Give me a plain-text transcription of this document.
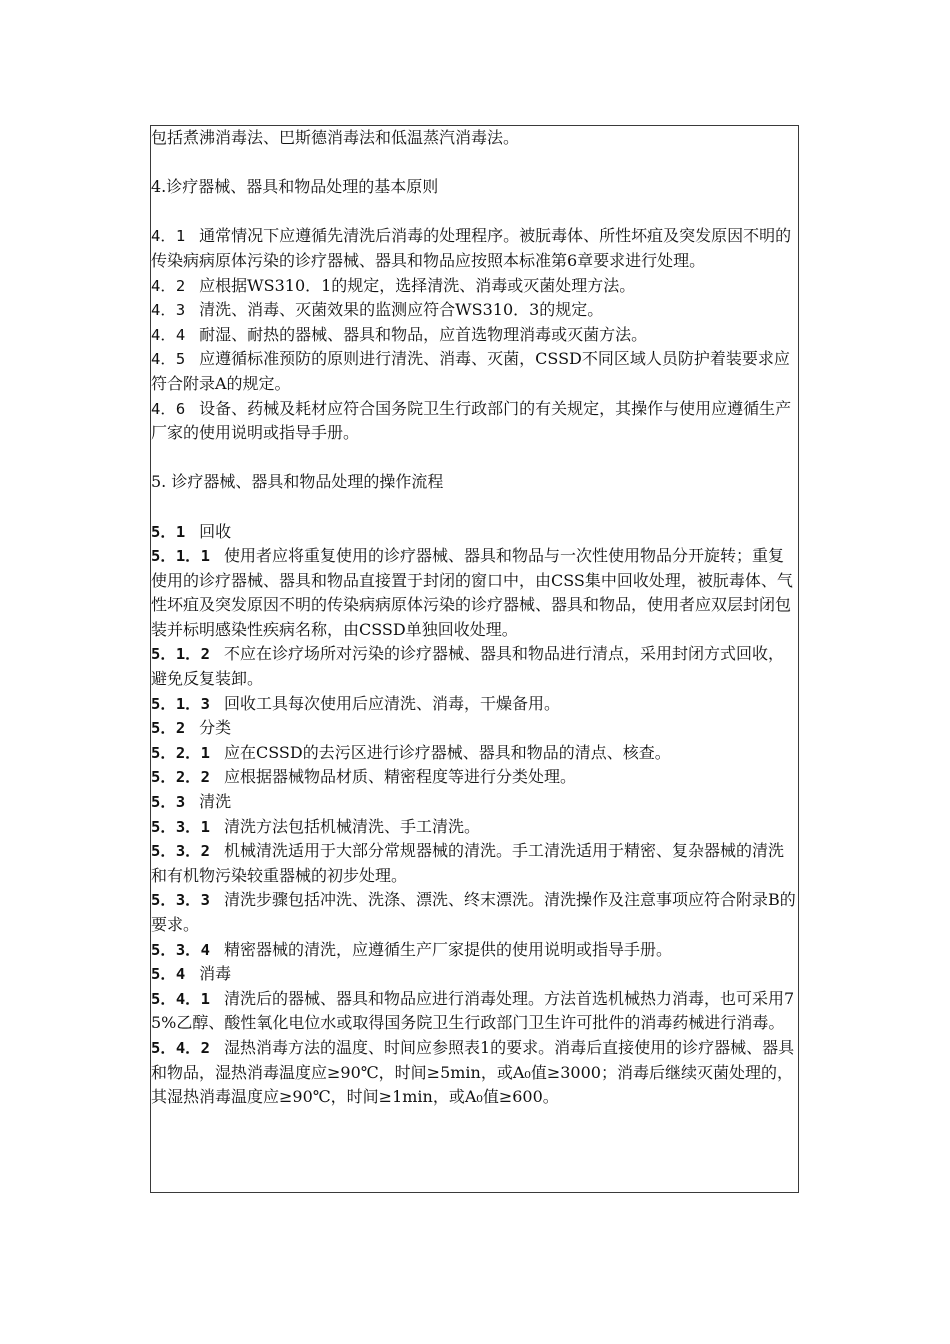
包括煮沸消毒法、巴斯德消毒法和低温蒸汽消毒法。

4.诊疗器械、器具和物品处理的基本原则

4．1 通常情况下应遵循先清洗后消毒的处理程序。被朊毒体、所性坏疽及突发原因不明的传染病病原体污染的诊疗器械、器具和物品应按照本标准第6章要求进行处理。

4．2 应根据WS310．1的规定，选择清洗、消毒或灭菌处理方法。

4．3 清洗、消毒、灭菌效果的监测应符合WS310．3的规定。

4．4 耐湿、耐热的器械、器具和物品，应首选物理消毒或灭菌方法。

4．5 应遵循标准预防的原则进行清洗、消毒、灭菌，CSSD不同区域人员防护着装要求应符合附录A的规定。

4．6 设备、药械及耗材应符合国务院卫生行政部门的有关规定，其操作与使用应遵循生产厂家的使用说明或指导手册。

5. 诊疗器械、器具和物品处理的操作流程

5．1 回收

5．1．1 使用者应将重复使用的诊疗器械、器具和物品与一次性使用物品分开旋转；重复使用的诊疗器械、器具和物品直接置于封闭的窗口中，由CSS集中回收处理，被朊毒体、气性坏疽及突发原因不明的传染病病原体污染的诊疗器械、器具和物品，使用者应双层封闭包装并标明感染性疾病名称，由CSSD单独回收处理。

5．1．2 不应在诊疗场所对污染的诊疗器械、器具和物品进行清点，采用封闭方式回收，避免反复装卸。

5．1．3 回收工具每次使用后应清洗、消毒，干燥备用。

5．2 分类

5．2．1 应在CSSD的去污区进行诊疗器械、器具和物品的清点、核查。

5．2．2 应根据器械物品材质、精密程度等进行分类处理。

5．3 清洗

5．3．1 清洗方法包括机械清洗、手工清洗。

5．3．2 机械清洗适用于大部分常规器械的清洗。手工清洗适用于精密、复杂器械的清洗和有机物污染较重器械的初步处理。

5．3．3 清洗步骤包括冲洗、洗涤、漂洗、终末漂洗。清洗操作及注意事项应符合附录B的要求。

5．3．4 精密器械的清洗，应遵循生产厂家提供的使用说明或指导手册。

5．4 消毒

5．4．1 清洗后的器械、器具和物品应进行消毒处理。方法首选机械热力消毒，也可采用75%乙醇、酸性氧化电位水或取得国务院卫生行政部门卫生许可批件的消毒药械进行消毒。

5．4．2 湿热消毒方法的温度、时间应参照表1的要求。消毒后直接使用的诊疗器械、器具和物品，湿热消毒温度应≥90℃，时间≥5min，或A₀值≥3000；消毒后继续灭菌处理的，其湿热消毒温度应≥90℃，时间≥1min，或A₀值≥600。
